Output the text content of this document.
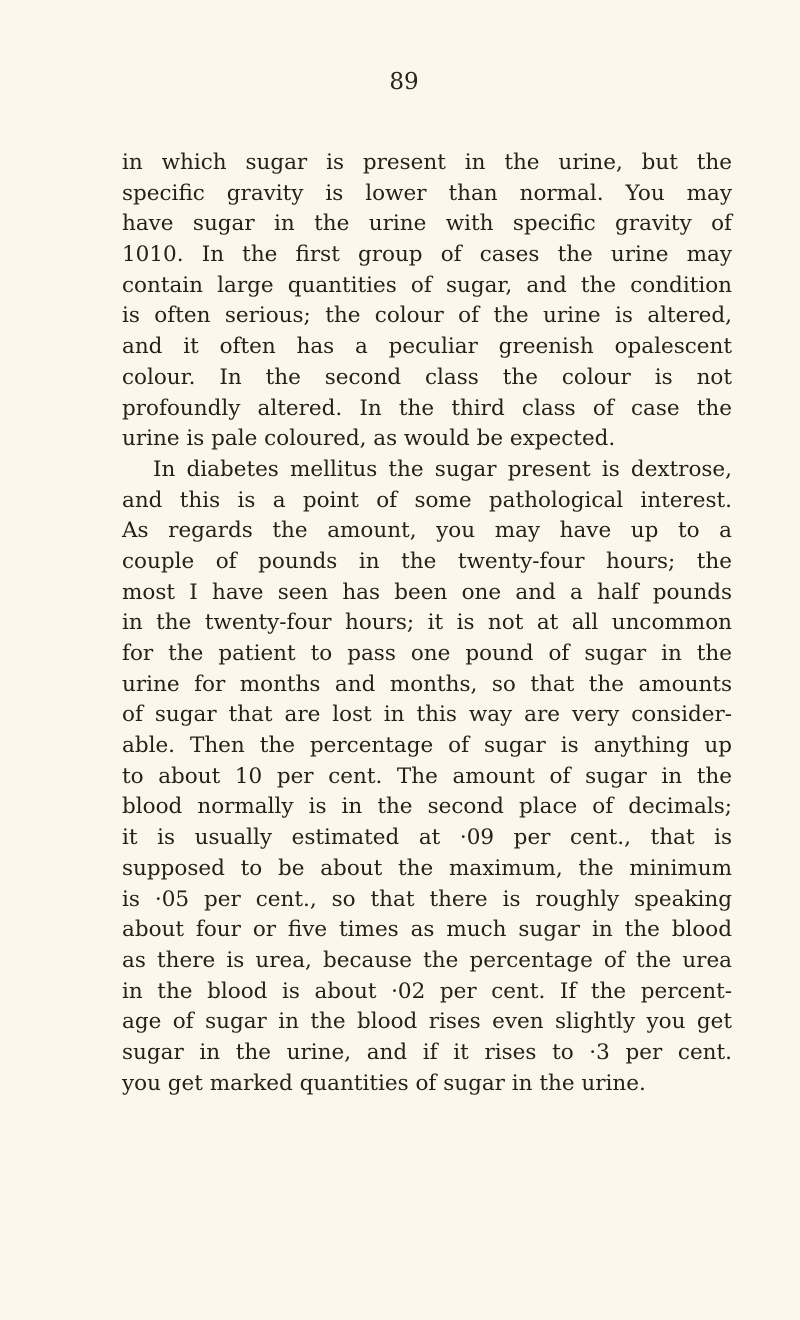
89
in which sugar is present in the urine, but the
specific gravity is lower than normal. You may
have sugar in the urine with specific gravity of
1010. In the first group of cases the urine may
contain large quantities of sugar, and the condition
is often serious; the colour of the urine is altered,
and it often has a peculiar greenish opalescent
colour. In the second class the colour is not
profoundly altered. In the third class of case the
urine is pale coloured, as would be expected.
In diabetes mellitus the sugar present is dextrose,
and this is a point of some pathological interest.
As regards the amount, you may have up to a
couple of pounds in the twenty-four hours; the
most I have seen has been one and a half pounds
in the twenty-four hours; it is not at all uncommon
for the patient to pass one pound of sugar in the
urine for months and months, so that the amounts
of sugar that are lost in this way are very consider-
able. Then the percentage of sugar is anything up
to about 10 per cent. The amount of sugar in the
blood normally is in the second place of decimals;
it is usually estimated at ·09 per cent., that is
supposed to be about the maximum, the minimum
is ·05 per cent., so that there is roughly speaking
about four or five times as much sugar in the blood
as there is urea, because the percentage of the urea
in the blood is about ·02 per cent. If the percent-
age of sugar in the blood rises even slightly you get
sugar in the urine, and if it rises to ·3 per cent.
you get marked quantities of sugar in the urine.
